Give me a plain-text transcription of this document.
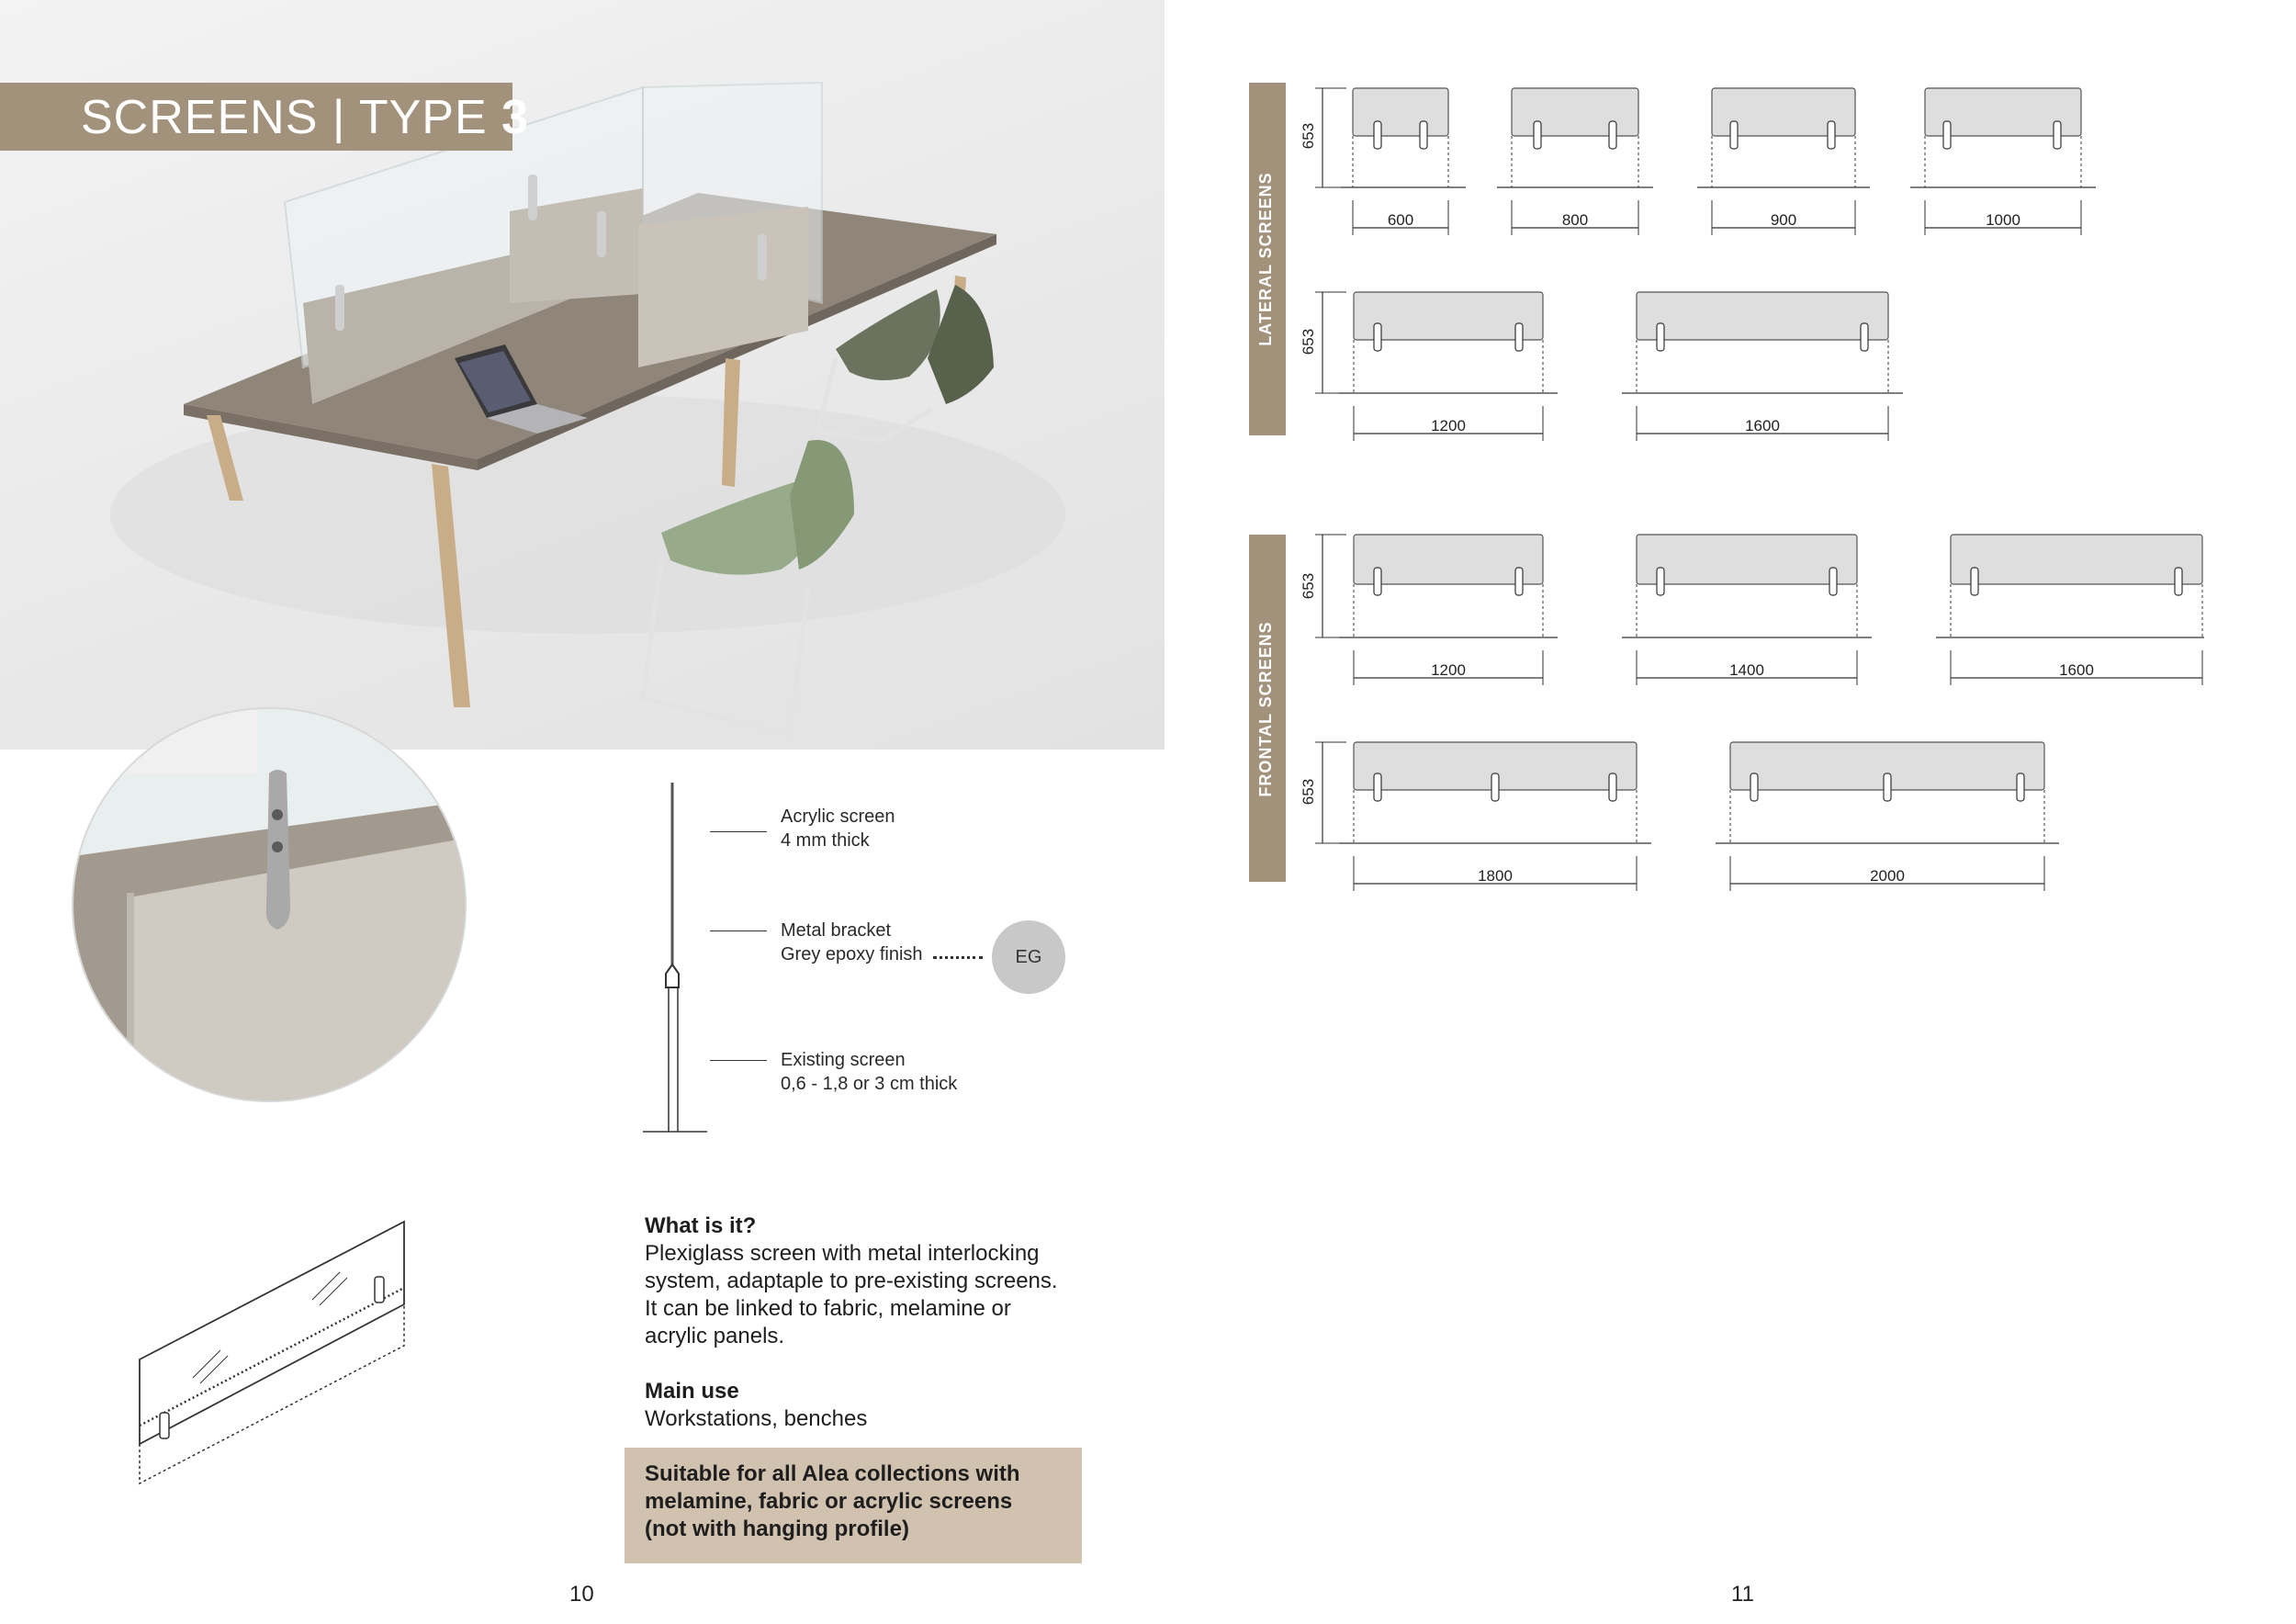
SCREENS | TYPE 3
Acrylic screen
4 mm thick
Metal bracket
Grey epoxy finish	EG
Existing screen
0,6 - 1,8 or 3 cm thick
What is it?
Plexiglass screen with metal interlocking
system, adaptaple to pre-existing screens.
It can be linked to fabric, melamine or
acrylic panels.
Main use
Workstations, benches
Suitable for all Alea collections with
melamine, fabric or acrylic screens
(not with hanging profile)
10
LATERAL SCREENS
FRONTAL SCREENS
653
653
600	800	900	1000
1200	1600
653
653
1200	1400	1600
1800	2000
11
